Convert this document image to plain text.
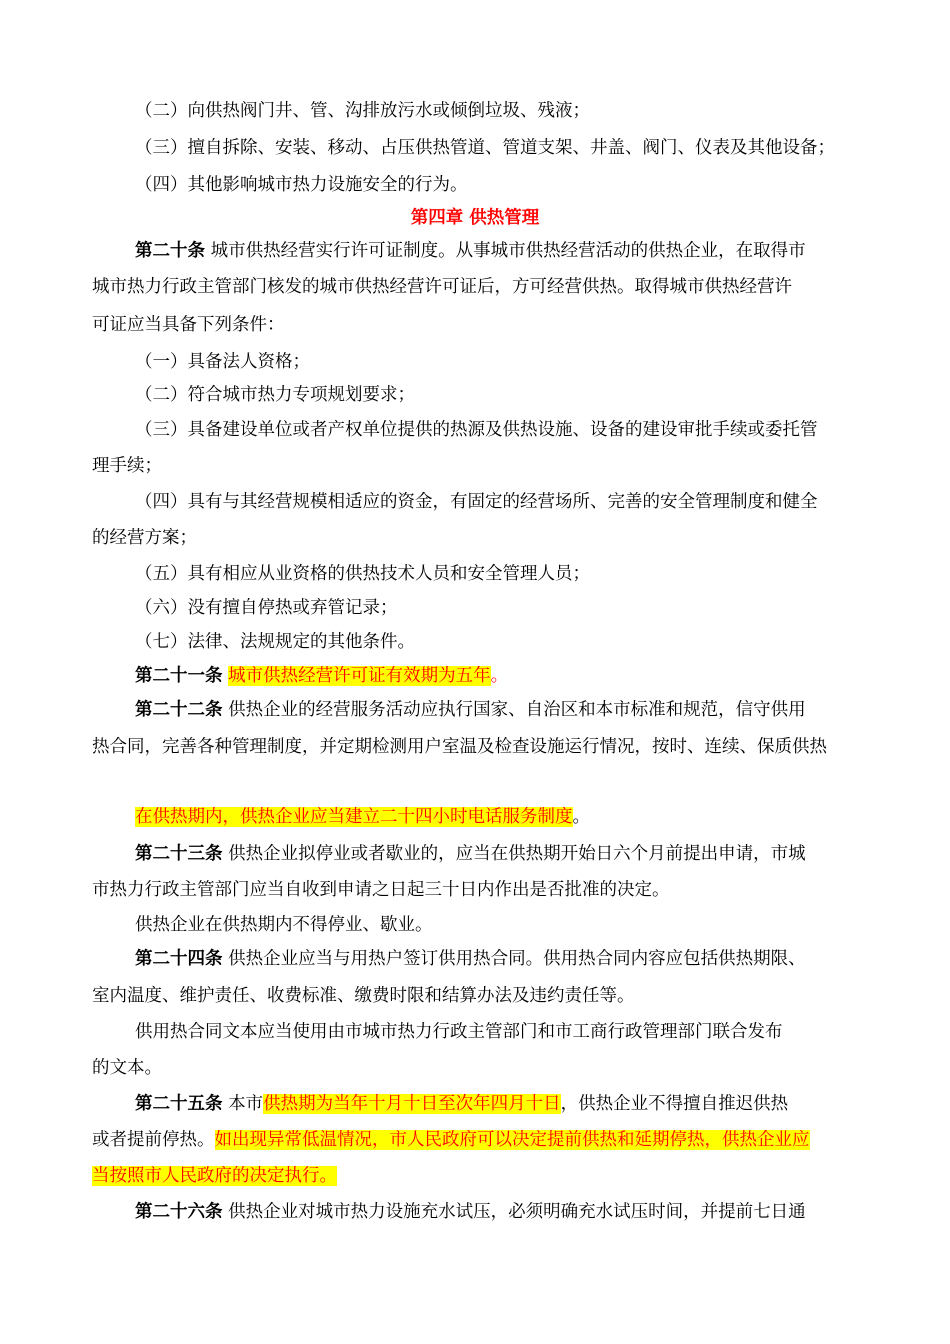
（二）向供热阀门井、管、沟排放污水或倾倒垃圾、残液；
（三）擅自拆除、安装、移动、占压供热管道、管道支架、井盖、阀门、仪表及其他设备；
（四）其他影响城市热力设施安全的行为。
第四章 供热管理
第二十条 城市供热经营实行许可证制度。从事城市供热经营活动的供热企业，在取得市
城市热力行政主管部门核发的城市供热经营许可证后，方可经营供热。取得城市供热经营许
可证应当具备下列条件：
（一）具备法人资格；
（二）符合城市热力专项规划要求；
（三）具备建设单位或者产权单位提供的热源及供热设施、设备的建设审批手续或委托管
理手续；
（四）具有与其经营规模相适应的资金，有固定的经营场所、完善的安全管理制度和健全
的经营方案；
（五）具有相应从业资格的供热技术人员和安全管理人员；
（六）没有擅自停热或弃管记录；
（七）法律、法规规定的其他条件。
第二十一条 城市供热经营许可证有效期为五年。
第二十二条 供热企业的经营服务活动应执行国家、自治区和本市标准和规范，信守供用
热合同，完善各种管理制度，并定期检测用户室温及检查设施运行情况，按时、连续、保质供热
在供热期内，供热企业应当建立二十四小时电话服务制度。
第二十三条 供热企业拟停业或者歇业的，应当在供热期开始日六个月前提出申请，市城
市热力行政主管部门应当自收到申请之日起三十日内作出是否批准的决定。
供热企业在供热期内不得停业、歇业。
第二十四条 供热企业应当与用热户签订供用热合同。供用热合同内容应包括供热期限、
室内温度、维护责任、收费标准、缴费时限和结算办法及违约责任等。
供用热合同文本应当使用由市城市热力行政主管部门和市工商行政管理部门联合发布
的文本。
第二十五条 本市供热期为当年十月十日至次年四月十日，供热企业不得擅自推迟供热
或者提前停热。如出现异常低温情况，市人民政府可以决定提前供热和延期停热，供热企业应
当按照市人民政府的决定执行。
第二十六条 供热企业对城市热力设施充水试压，必须明确充水试压时间，并提前七日通
